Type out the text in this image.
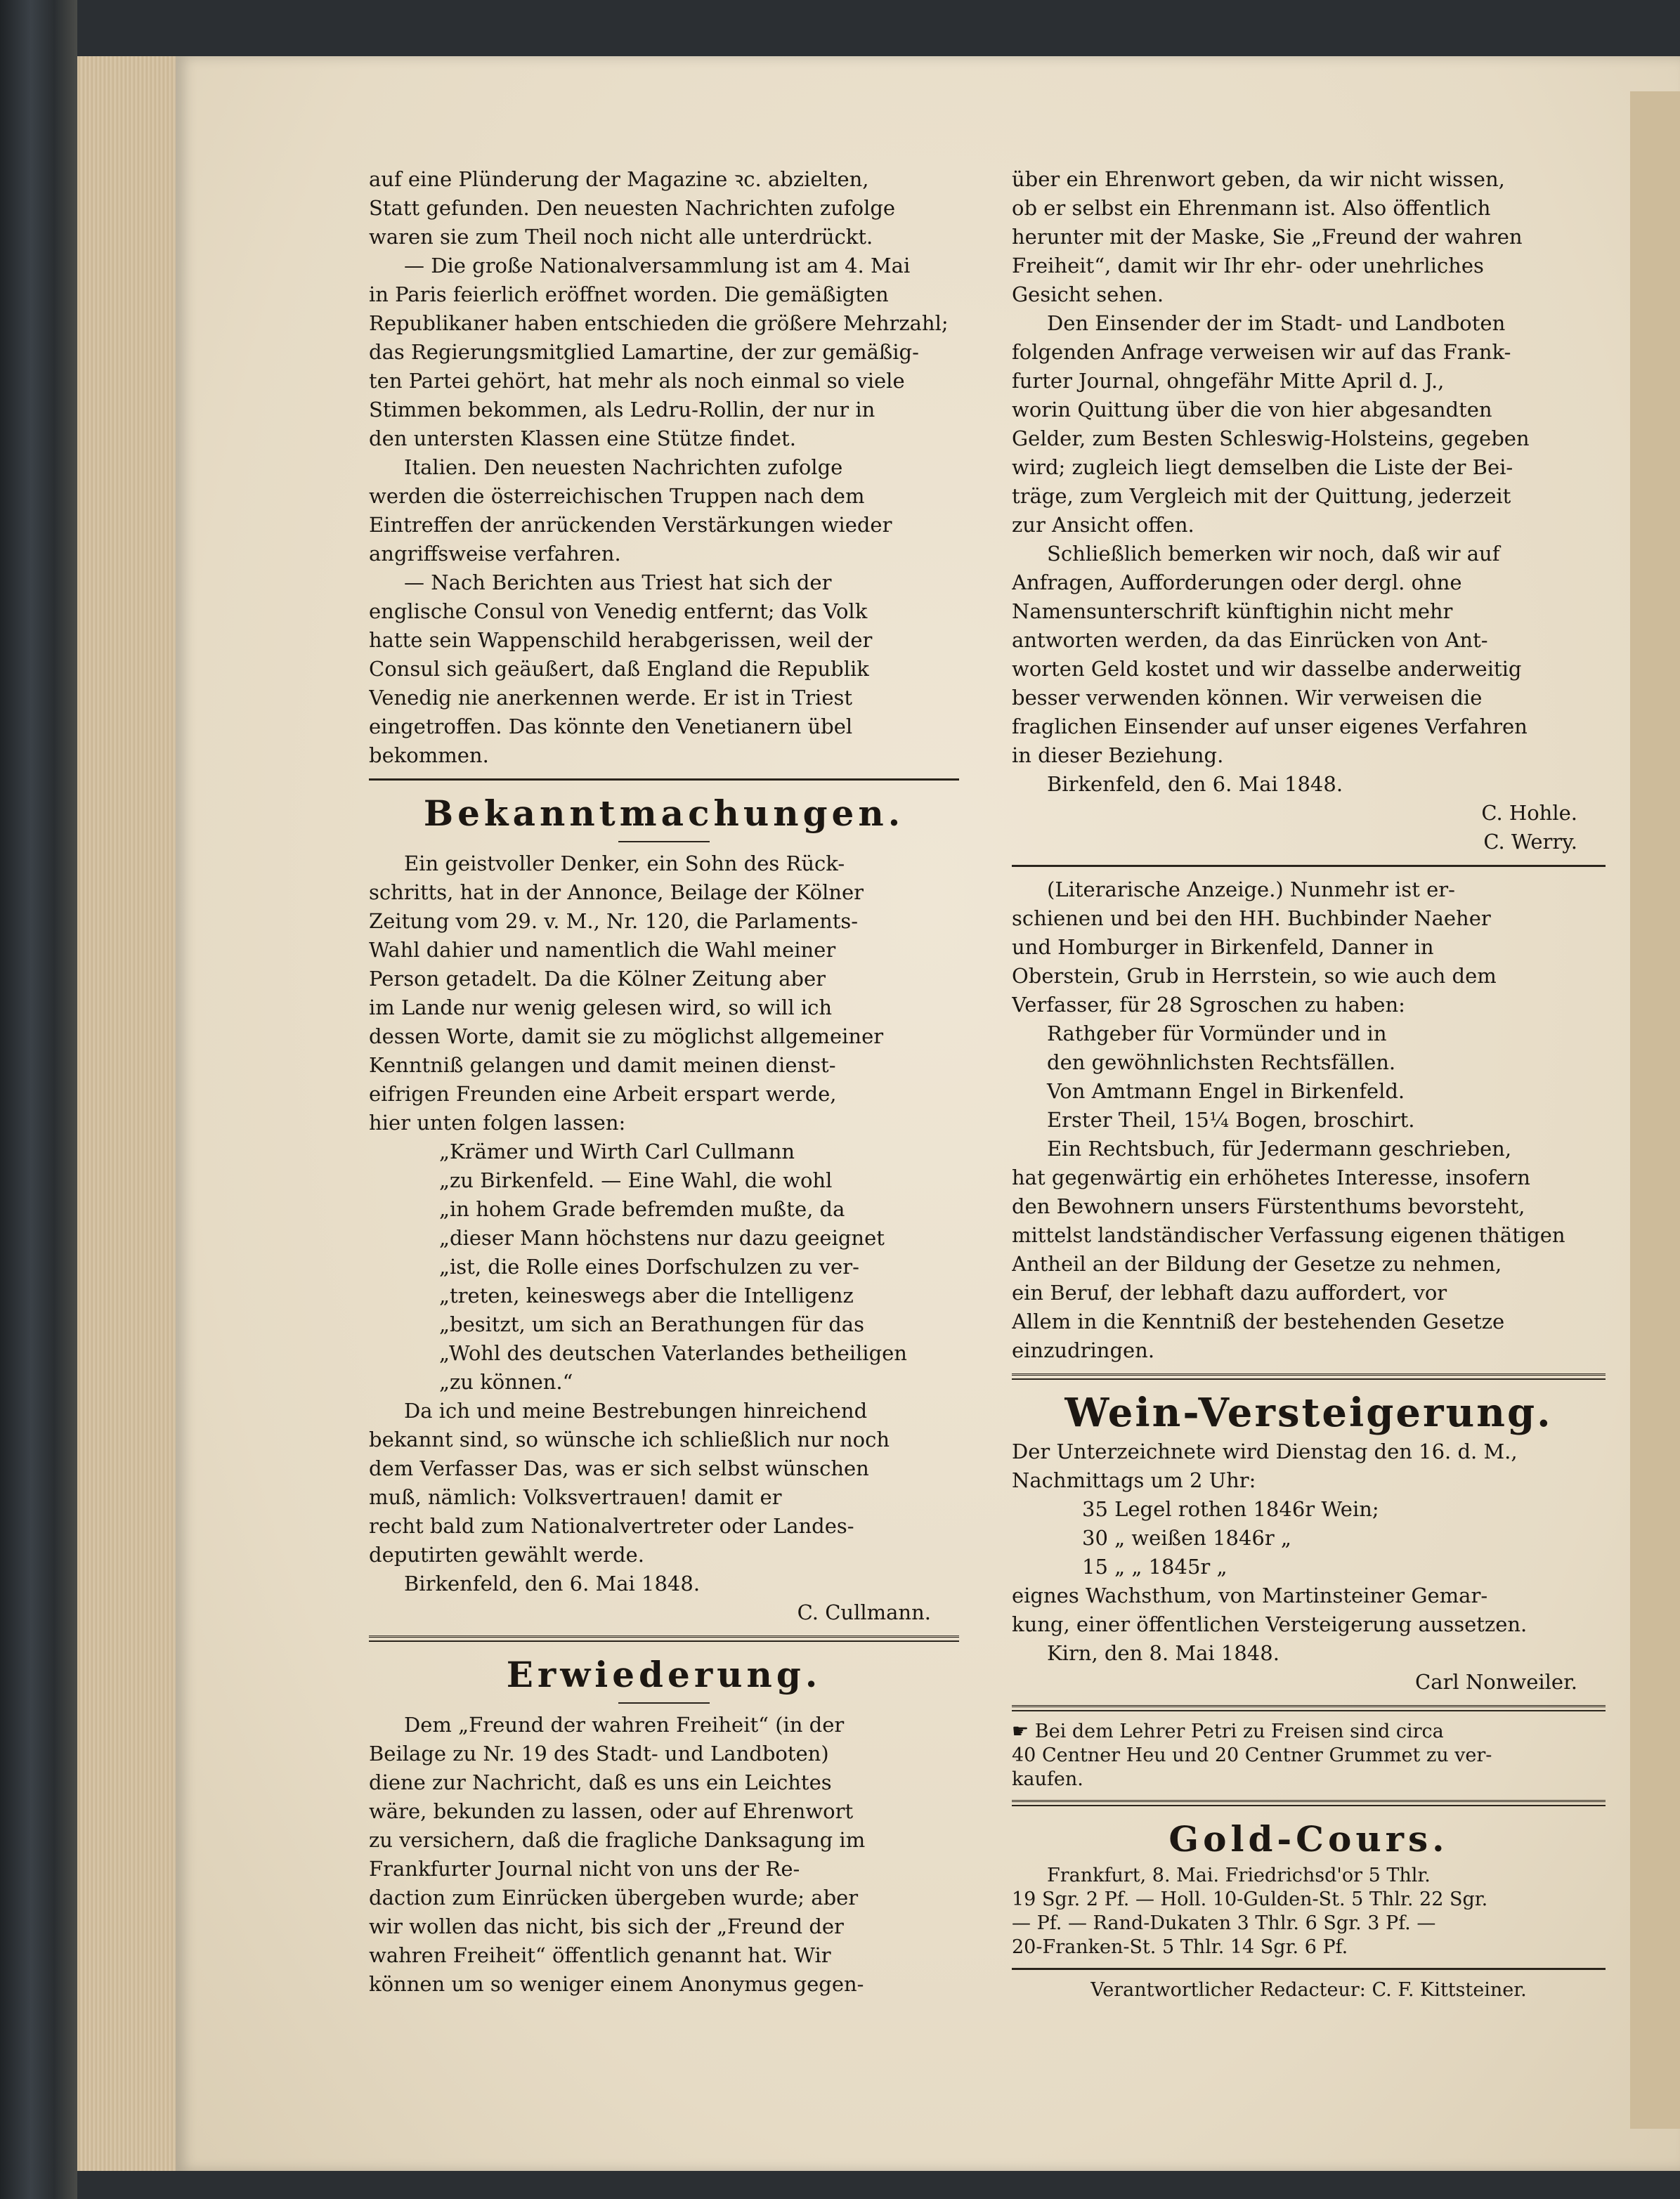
auf eine Plünderung der Magazine ꝛc. abzielten,
Statt gefunden. Den neuesten Nachrichten zufolge
waren sie zum Theil noch nicht alle unterdrückt.
— Die große Nationalversammlung ist am 4. Mai
in Paris feierlich eröffnet worden. Die gemäßigten
Republikaner haben entschieden die größere Mehrzahl;
das Regierungsmitglied Lamartine, der zur gemäßig-
ten Partei gehört, hat mehr als noch einmal so viele
Stimmen bekommen, als Ledru-Rollin, der nur in
den untersten Klassen eine Stütze findet.
Italien. Den neuesten Nachrichten zufolge
werden die österreichischen Truppen nach dem
Eintreffen der anrückenden Verstärkungen wieder
angriffsweise verfahren.
— Nach Berichten aus Triest hat sich der
englische Consul von Venedig entfernt; das Volk
hatte sein Wappenschild herabgerissen, weil der
Consul sich geäußert, daß England die Republik
Venedig nie anerkennen werde. Er ist in Triest
eingetroffen. Das könnte den Venetianern übel
bekommen.
Bekanntmachungen.
Ein geistvoller Denker, ein Sohn des Rück-
schritts, hat in der Annonce, Beilage der Kölner
Zeitung vom 29. v. M., Nr. 120, die Parlaments-
Wahl dahier und namentlich die Wahl meiner
Person getadelt. Da die Kölner Zeitung aber
im Lande nur wenig gelesen wird, so will ich
dessen Worte, damit sie zu möglichst allgemeiner
Kenntniß gelangen und damit meinen dienst-
eifrigen Freunden eine Arbeit erspart werde,
hier unten folgen lassen:
„Krämer und Wirth Carl Cullmann
„zu Birkenfeld. — Eine Wahl, die wohl
„in hohem Grade befremden mußte, da
„dieser Mann höchstens nur dazu geeignet
„ist, die Rolle eines Dorfschulzen zu ver-
„treten, keineswegs aber die Intelligenz
„besitzt, um sich an Berathungen für das
„Wohl des deutschen Vaterlandes betheiligen
„zu können.“
Da ich und meine Bestrebungen hinreichend
bekannt sind, so wünsche ich schließlich nur noch
dem Verfasser Das, was er sich selbst wünschen
muß, nämlich: Volksvertrauen! damit er
recht bald zum Nationalvertreter oder Landes-
deputirten gewählt werde.
Birkenfeld, den 6. Mai 1848.
C. Cullmann.
Erwiederung.
Dem „Freund der wahren Freiheit“ (in der
Beilage zu Nr. 19 des Stadt- und Landboten)
diene zur Nachricht, daß es uns ein Leichtes
wäre, bekunden zu lassen, oder auf Ehrenwort
zu versichern, daß die fragliche Danksagung im
Frankfurter Journal nicht von uns der Re-
daction zum Einrücken übergeben wurde; aber
wir wollen das nicht, bis sich der „Freund der
wahren Freiheit“ öffentlich genannt hat. Wir
können um so weniger einem Anonymus gegen-
über ein Ehrenwort geben, da wir nicht wissen,
ob er selbst ein Ehrenmann ist. Also öffentlich
herunter mit der Maske, Sie „Freund der wahren
Freiheit“, damit wir Ihr ehr- oder unehrliches
Gesicht sehen.
Den Einsender der im Stadt- und Landboten
folgenden Anfrage verweisen wir auf das Frank-
furter Journal, ohngefähr Mitte April d. J.,
worin Quittung über die von hier abgesandten
Gelder, zum Besten Schleswig-Holsteins, gegeben
wird; zugleich liegt demselben die Liste der Bei-
träge, zum Vergleich mit der Quittung, jederzeit
zur Ansicht offen.
Schließlich bemerken wir noch, daß wir auf
Anfragen, Aufforderungen oder dergl. ohne
Namensunterschrift künftighin nicht mehr
antworten werden, da das Einrücken von Ant-
worten Geld kostet und wir dasselbe anderweitig
besser verwenden können. Wir verweisen die
fraglichen Einsender auf unser eigenes Verfahren
in dieser Beziehung.
Birkenfeld, den 6. Mai 1848.
C. Hohle.
C. Werry.
(Literarische Anzeige.) Nunmehr ist er-
schienen und bei den HH. Buchbinder Naeher
und Homburger in Birkenfeld, Danner in
Oberstein, Grub in Herrstein, so wie auch dem
Verfasser, für 28 Sgroschen zu haben:
Rathgeber für Vormünder und in
den gewöhnlichsten Rechtsfällen.
Von Amtmann Engel in Birkenfeld.
Erster Theil, 15¼ Bogen, broschirt.
Ein Rechtsbuch, für Jedermann geschrieben,
hat gegenwärtig ein erhöhetes Interesse, insofern
den Bewohnern unsers Fürstenthums bevorsteht,
mittelst landständischer Verfassung eigenen thätigen
Antheil an der Bildung der Gesetze zu nehmen,
ein Beruf, der lebhaft dazu auffordert, vor
Allem in die Kenntniß der bestehenden Gesetze
einzudringen.
Wein-Versteigerung.
Der Unterzeichnete wird Dienstag den 16. d. M.,
Nachmittags um 2 Uhr:
35 Legel rothen 1846r Wein;
30 „ weißen 1846r „
15 „ „ 1845r „
eignes Wachsthum, von Martinsteiner Gemar-
kung, einer öffentlichen Versteigerung aussetzen.
Kirn, den 8. Mai 1848.
Carl Nonweiler.
☛ Bei dem Lehrer Petri zu Freisen sind circa
40 Centner Heu und 20 Centner Grummet zu ver-
kaufen.
Gold-Cours.
Frankfurt, 8. Mai. Friedrichsd'or 5 Thlr.
19 Sgr. 2 Pf. — Holl. 10-Gulden-St. 5 Thlr. 22 Sgr.
— Pf. — Rand-Dukaten 3 Thlr. 6 Sgr. 3 Pf. —
20-Franken-St. 5 Thlr. 14 Sgr. 6 Pf.
Verantwortlicher Redacteur: C. F. Kittsteiner.
